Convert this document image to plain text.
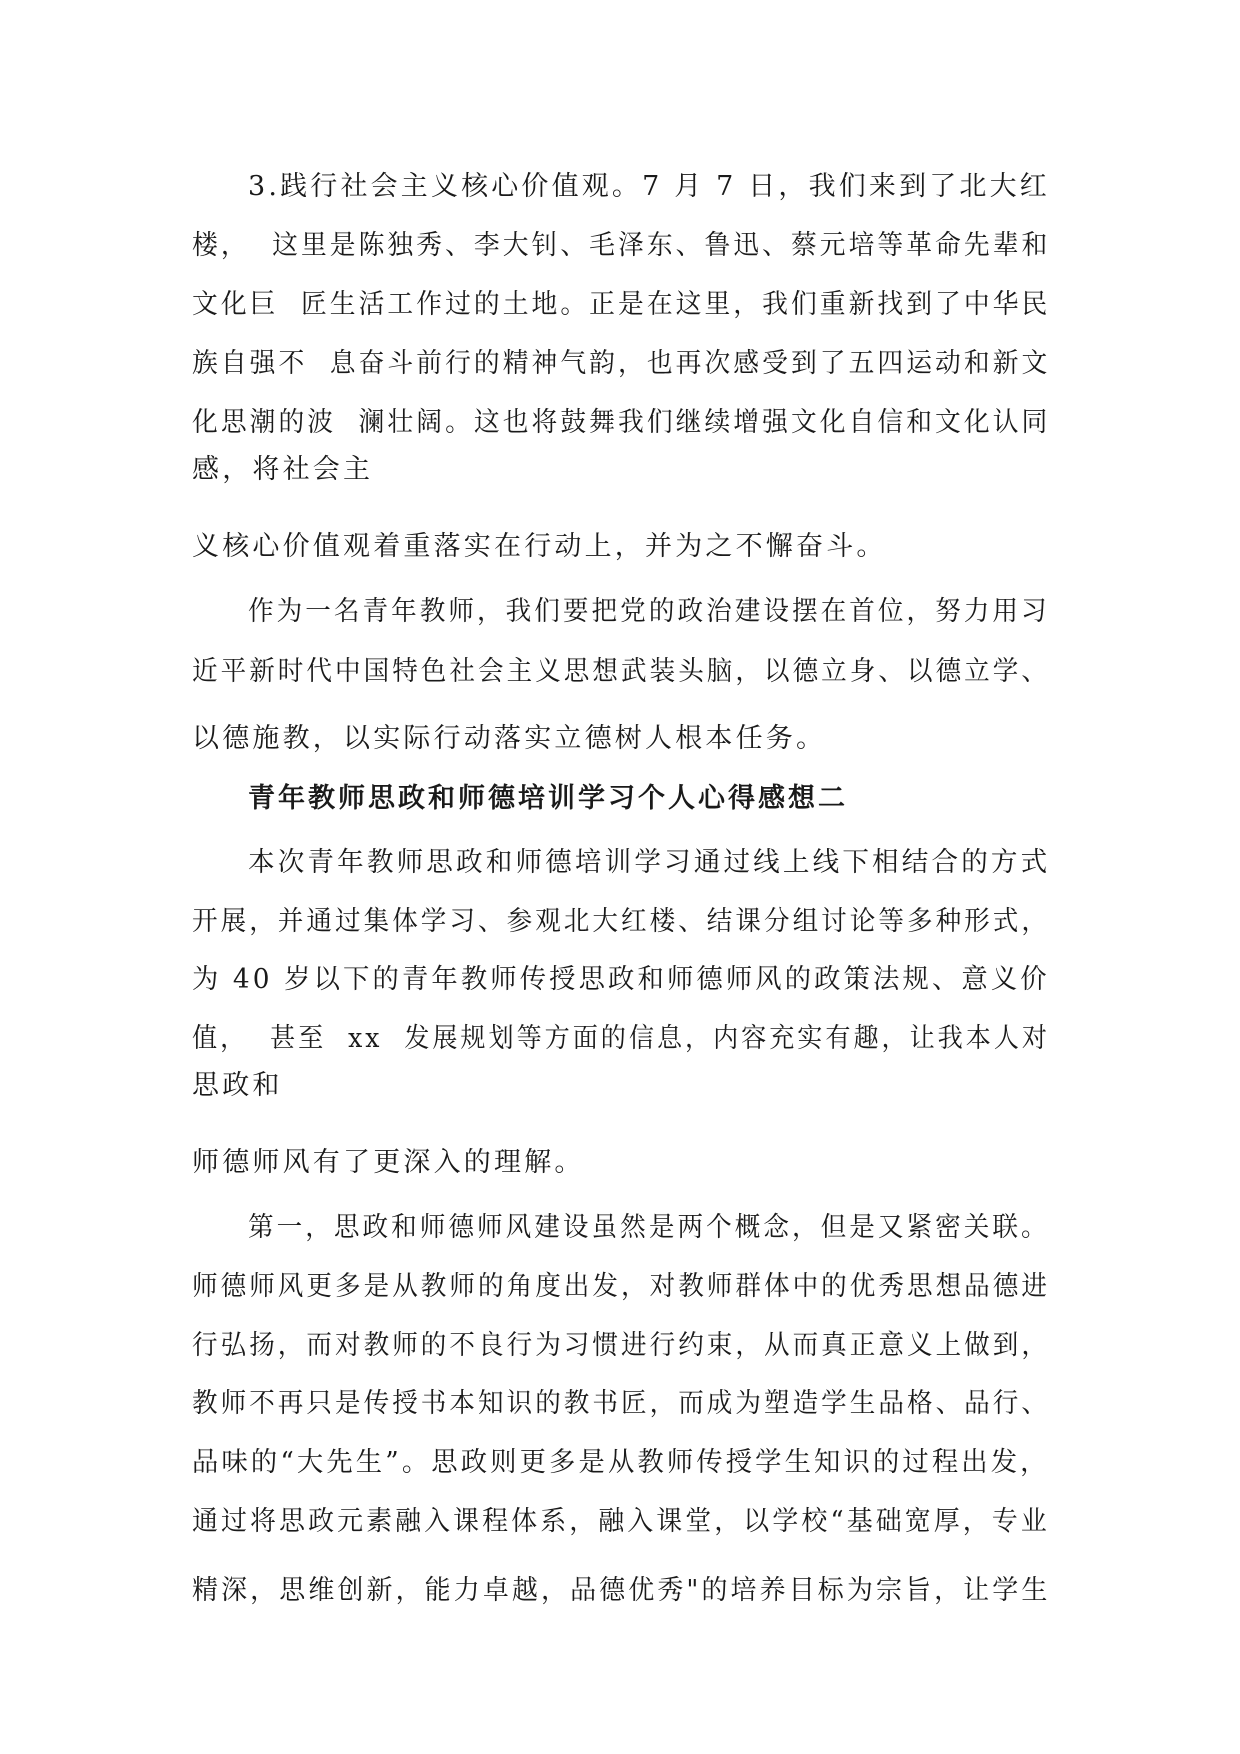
3.践行社会主义核心价值观。7 月 7 日，我们来到了北大红
楼，  这里是陈独秀、李大钊、毛泽东、鲁迅、蔡元培等革命先辈和
文化巨  匠生活工作过的土地。正是在这里，我们重新找到了中华民
族自强不  息奋斗前行的精神气韵，也再次感受到了五四运动和新文
化思潮的波  澜壮阔。这也将鼓舞我们继续增强文化自信和文化认同
感，将社会主
义核心价值观着重落实在行动上，并为之不懈奋斗。
作为一名青年教师，我们要把党的政治建设摆在首位，努力用习
近平新时代中国特色社会主义思想武装头脑，以德立身、以德立学、
以德施教，以实际行动落实立德树人根本任务。
青年教师思政和师德培训学习个人心得感想二
本次青年教师思政和师德培训学习通过线上线下相结合的方式
开展，并通过集体学习、参观北大红楼、结课分组讨论等多种形式，
为 40 岁以下的青年教师传授思政和师德师风的政策法规、意义价
值，  甚至  xx  发展规划等方面的信息，内容充实有趣，让我本人对
思政和
师德师风有了更深入的理解。
第一，思政和师德师风建设虽然是两个概念，但是又紧密关联。
师德师风更多是从教师的角度出发，对教师群体中的优秀思想品德进
行弘扬，而对教师的不良行为习惯进行约束，从而真正意义上做到，
教师不再只是传授书本知识的教书匠，而成为塑造学生品格、品行、
品味的“大先生”。思政则更多是从教师传授学生知识的过程出发，
通过将思政元素融入课程体系，融入课堂，以学校“基础宽厚，专业
精深，思维创新，能力卓越，品德优秀"的培养目标为宗旨，让学生
